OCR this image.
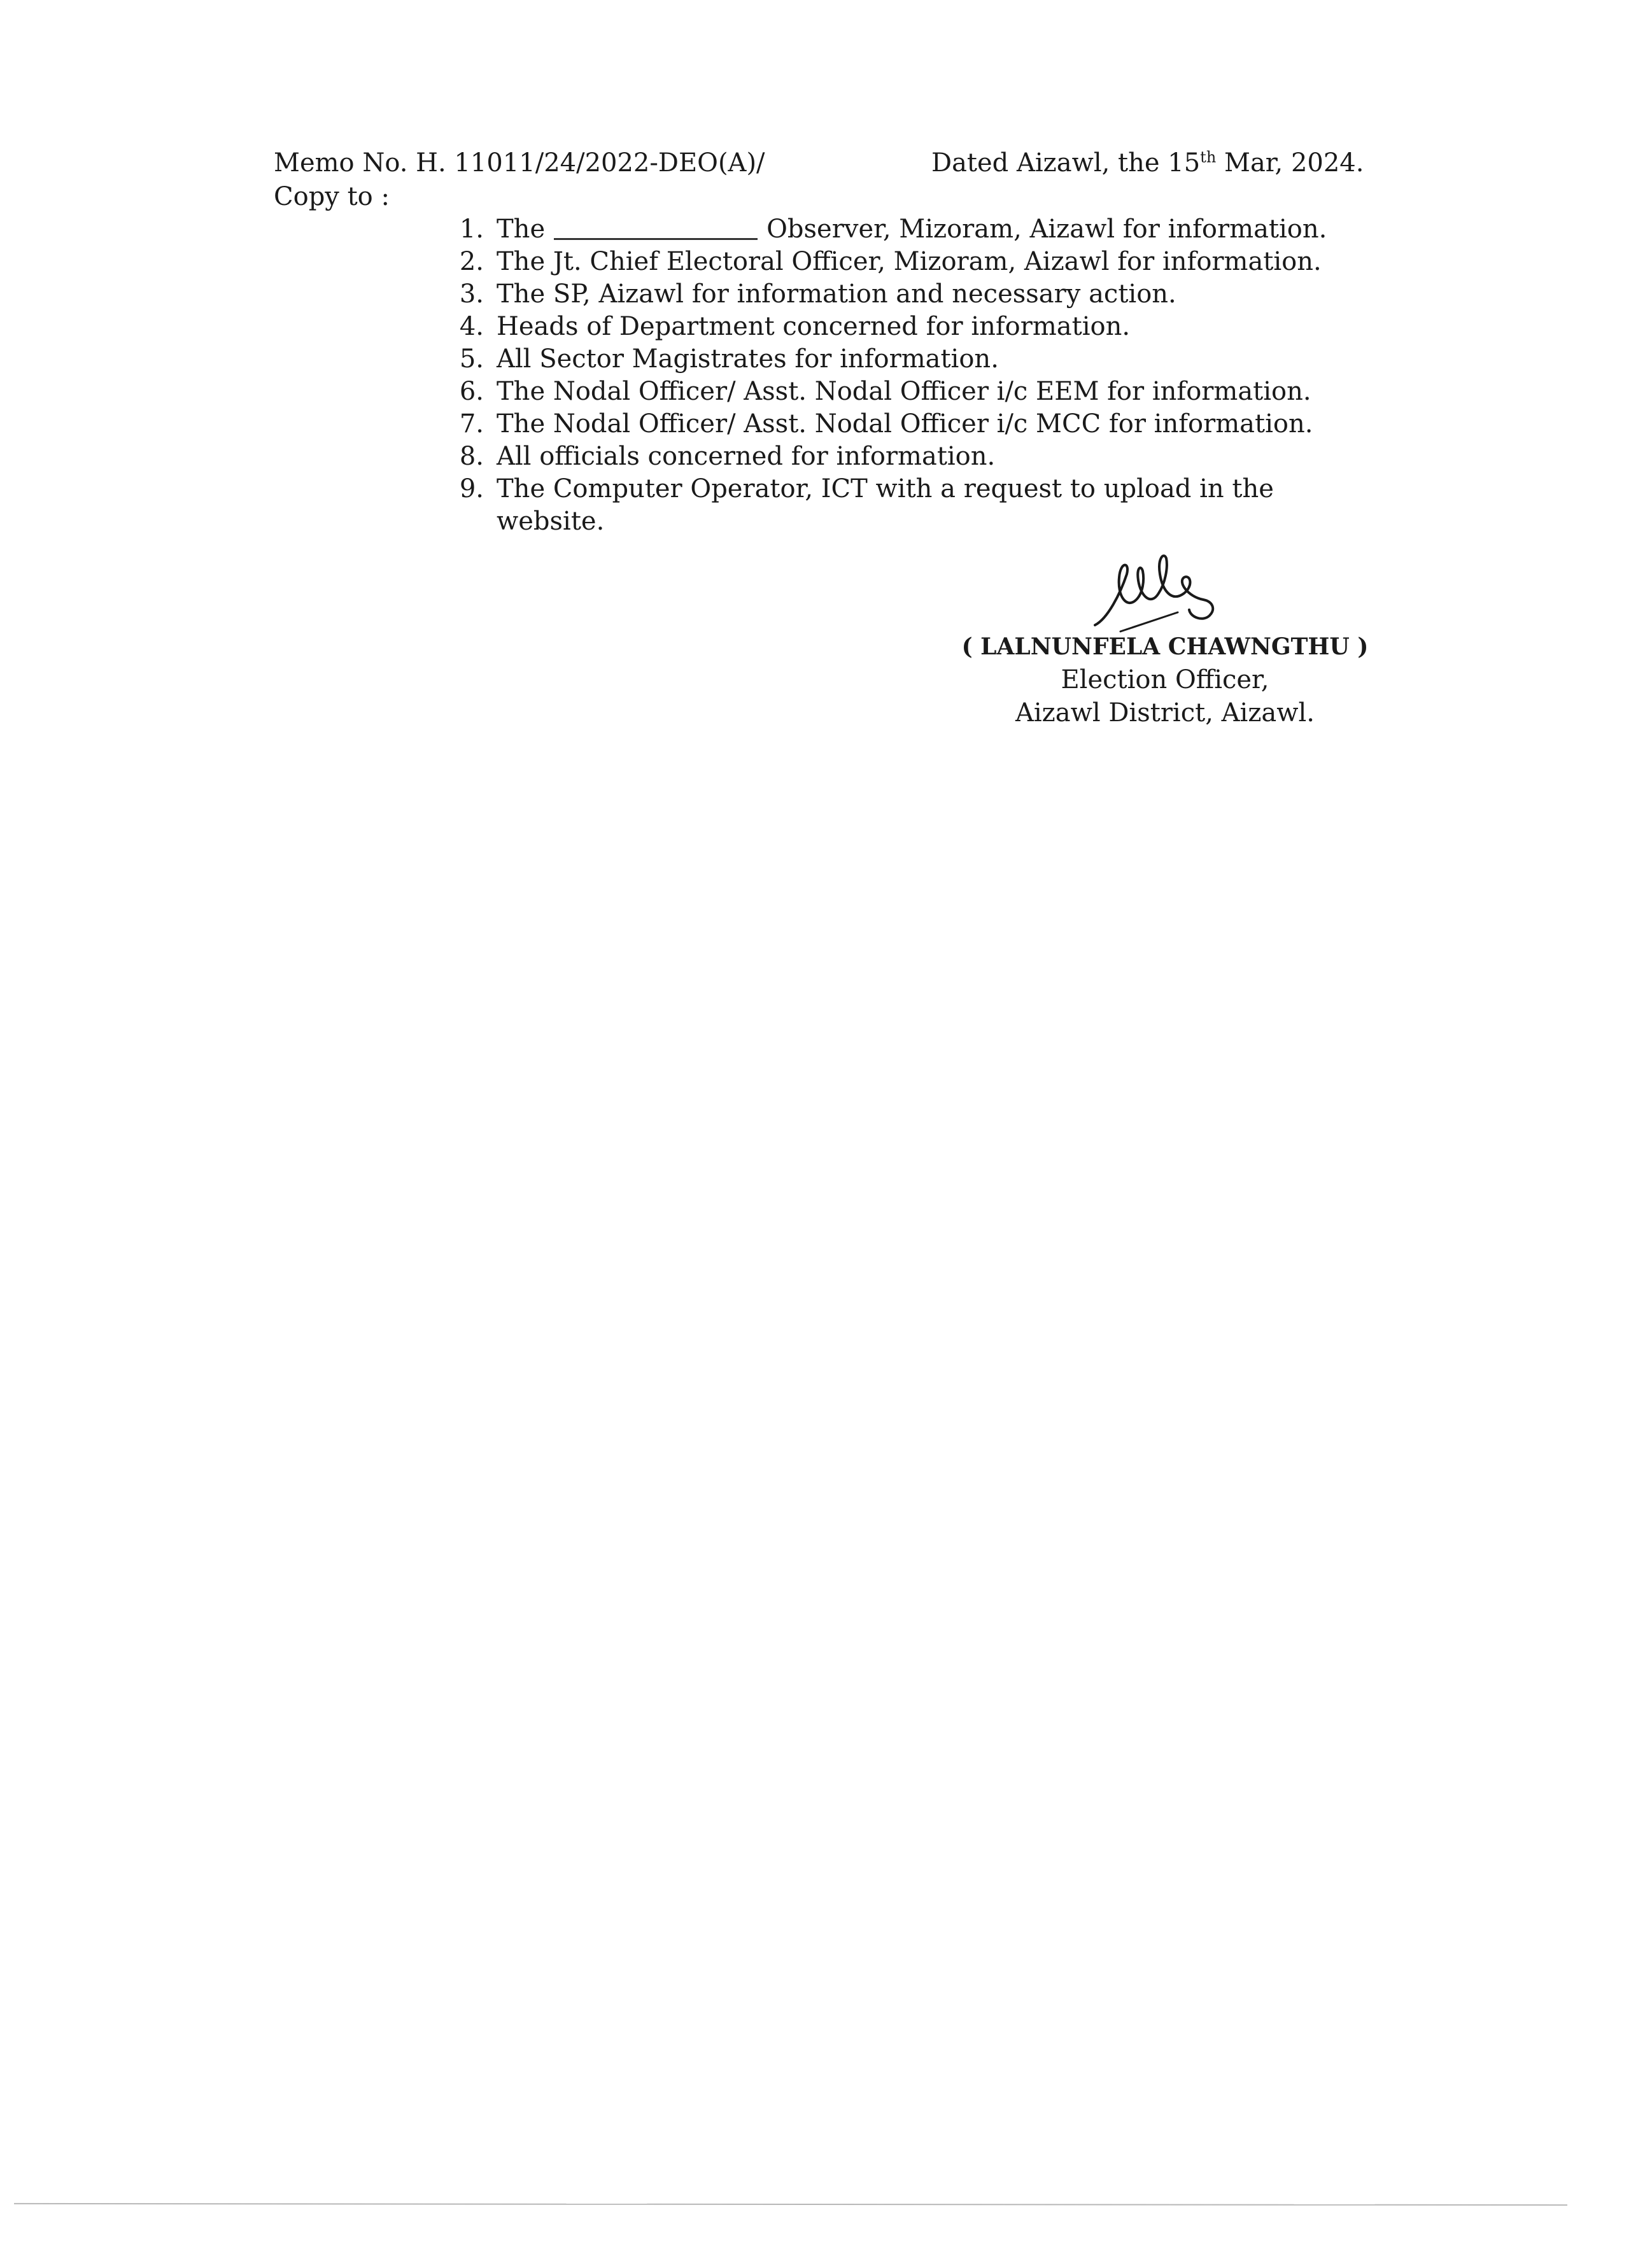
Memo No. H. 11011/24/2022-DEO(A)/	Dated Aizawl, the 15th Mar, 2024.
Copy to :
1. The	Observer, Mizoram, Aizawl for information.
2. The Jt. Chief Electoral Officer, Mizoram, Aizawl for information.
3. The SP, Aizawl for information and necessary action.
4. Heads of Department concerned for information.
5. All Sector Magistrates for information.
6. The Nodal Officer/ Asst. Nodal Officer i/c EEM for information.
7. The Nodal Officer/ Asst. Nodal Officer i/c MCC for information.
8. All officials concerned for information.
9. The Computer Operator, ICT with a request to upload in the website.
( LALNUNFELA CHAWNGTHU )
Election Officer,
Aizawl District, Aizawl.
